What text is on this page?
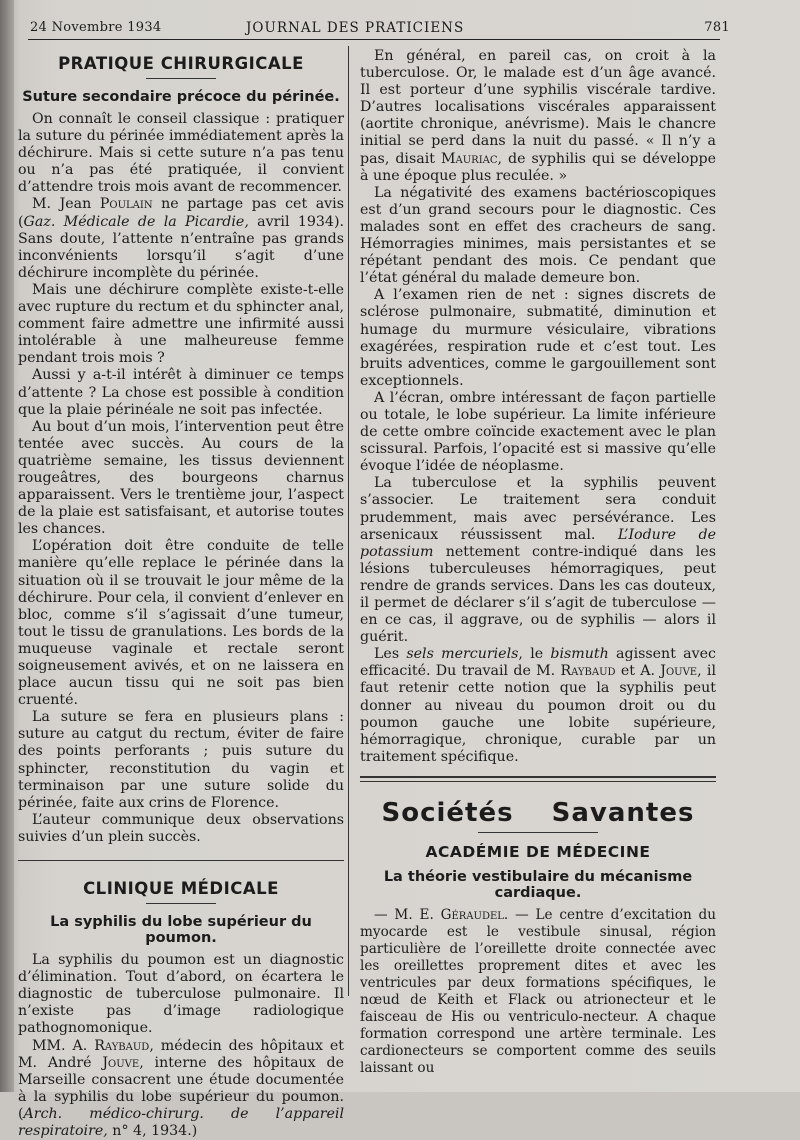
24 Novembre 1934	JOURNAL DES PRATICIENS	781
PRATIQUE CHIRURGICALE
Suture secondaire précoce du périnée.

On connaît le conseil classique : pratiquer la suture du périnée immédiatement après la déchirure. Mais si cette suture n’a pas tenu ou n’a pas été pratiquée, il convient d’attendre trois mois avant de recommencer.

M. Jean Poulain ne partage pas cet avis (Gaz. Médicale de la Picardie, avril 1934). Sans doute, l’attente n’entraîne pas grands inconvénients lorsqu’il s’agit d’une déchirure incomplète du périnée.

Mais une déchirure complète existe-t-elle avec rupture du rectum et du sphincter anal, comment faire admettre une infirmité aussi intolérable à une malheureuse femme pendant trois mois ?

Aussi y a-t-il intérêt à diminuer ce temps d’attente ? La chose est possible à condition que la plaie périnéale ne soit pas infectée.

Au bout d’un mois, l’intervention peut être tentée avec succès. Au cours de la quatrième semaine, les tissus deviennent rougeâtres, des bourgeons charnus apparaissent. Vers le trentième jour, l’aspect de la plaie est satisfaisant, et autorise toutes les chances.

L’opération doit être conduite de telle manière qu’elle replace le périnée dans la situation où il se trouvait le jour même de la déchirure. Pour cela, il convient d’enlever en bloc, comme s’il s’agissait d’une tumeur, tout le tissu de granulations. Les bords de la muqueuse vaginale et rectale seront soigneusement avivés, et on ne laissera en place aucun tissu qui ne soit pas bien cruenté.

La suture se fera en plusieurs plans : suture au catgut du rectum, éviter de faire des points perforants ; puis suture du sphincter, reconstitution du vagin et terminaison par une suture solide du périnée, faite aux crins de Florence.

L’auteur communique deux observations suivies d’un plein succès.

CLINIQUE MÉDICALE
La syphilis du lobe supérieur du poumon.

La syphilis du poumon est un diagnostic d’élimination. Tout d’abord, on écartera le diagnostic de tuberculose pulmonaire. Il n’existe pas d’image radiologique pathognomonique.

MM. A. Raybaud, médecin des hôpitaux et M. André Jouve, interne des hôpitaux de Marseille consacrent une étude documentée à la syphilis du lobe supérieur du poumon. (Arch. médico-chirurg. de l’appareil respiratoire, n° 4, 1934.)

En général, en pareil cas, on croit à la tuberculose. Or, le malade est d’un âge avancé. Il est porteur d’une syphilis viscérale tardive. D’autres localisations viscérales apparaissent (aortite chronique, anévrisme). Mais le chancre initial se perd dans la nuit du passé. « Il n’y a pas, disait Mauriac, de syphilis qui se développe à une époque plus reculée. »

La négativité des examens bactérioscopiques est d’un grand secours pour le diagnostic. Ces malades sont en effet des cracheurs de sang. Hémorragies minimes, mais persistantes et se répétant pendant des mois. Ce pendant que l’état général du malade demeure bon.

A l’examen rien de net : signes discrets de sclérose pulmonaire, submatité, diminution et humage du murmure vésiculaire, vibrations exagérées, respiration rude et c’est tout. Les bruits adventices, comme le gargouillement sont exceptionnels.

A l’écran, ombre intéressant de façon partielle ou totale, le lobe supérieur. La limite inférieure de cette ombre coïncide exactement avec le plan scissural. Parfois, l’opacité est si massive qu’elle évoque l’idée de néoplasme.

La tuberculose et la syphilis peuvent s’associer. Le traitement sera conduit prudemment, mais avec persévérance. Les arsenicaux réussissent mal. L’Iodure de potassium nettement contre-indiqué dans les lésions tuberculeuses hémorragiques, peut rendre de grands services. Dans les cas douteux, il permet de déclarer s’il s’agit de tuberculose — en ce cas, il aggrave, ou de syphilis — alors il guérit.

Les sels mercuriels, le bismuth agissent avec efficacité. Du travail de M. Raybaud et A. Jouve, il faut retenir cette notion que la syphilis peut donner au niveau du poumon droit ou du poumon gauche une lobite supérieure, hémorragique, chronique, curable par un traitement spécifique.

Sociétés Savantes
ACADÉMIE DE MÉDECINE
La théorie vestibulaire du mécanisme cardiaque.

— M. E. Géraudel. — Le centre d’excitation du myocarde est le vestibule sinusal, région particulière de l’oreillette droite connectée avec les oreillettes proprement dites et avec les ventricules par deux formations spécifiques, le nœud de Keith et Flack ou atrionecteur et le faisceau de His ou ventriculo-necteur. A chaque formation correspond une artère terminale. Les cardionecteurs se comportent comme des seuils laissant ou
